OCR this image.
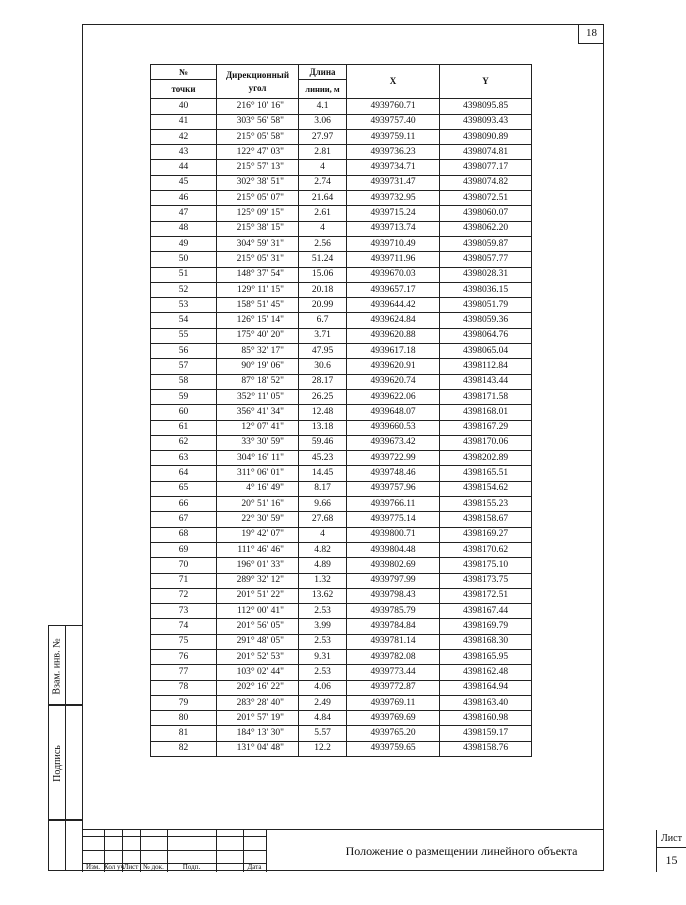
18
Взам. инв. №
Подпись
№	Дирекционный угол	Длина	X	Y
точки		линии, м		
40	216° 10' 16"	4.1	4939760.71	4398095.85
41	303° 56' 58"	3.06	4939757.40	4398093.43
42	215° 05' 58"	27.97	4939759.11	4398090.89
43	122° 47' 03"	2.81	4939736.23	4398074.81
44	215° 57' 13"	4	4939734.71	4398077.17
45	302° 38' 51"	2.74	4939731.47	4398074.82
46	215° 05' 07"	21.64	4939732.95	4398072.51
47	125° 09' 15"	2.61	4939715.24	4398060.07
48	215° 38' 15"	4	4939713.74	4398062.20
49	304° 59' 31"	2.56	4939710.49	4398059.87
50	215° 05' 31"	51.24	4939711.96	4398057.77
51	148° 37' 54"	15.06	4939670.03	4398028.31
52	129° 11' 15"	20.18	4939657.17	4398036.15
53	158° 51' 45"	20.99	4939644.42	4398051.79
54	126° 15' 14"	6.7	4939624.84	4398059.36
55	175° 40' 20"	3.71	4939620.88	4398064.76
56	85° 32' 17"	47.95	4939617.18	4398065.04
57	90° 19' 06"	30.6	4939620.91	4398112.84
58	87° 18' 52"	28.17	4939620.74	4398143.44
59	352° 11' 05"	26.25	4939622.06	4398171.58
60	356° 41' 34"	12.48	4939648.07	4398168.01
61	12° 07' 41"	13.18	4939660.53	4398167.29
62	33° 30' 59"	59.46	4939673.42	4398170.06
63	304° 16' 11"	45.23	4939722.99	4398202.89
64	311° 06' 01"	14.45	4939748.46	4398165.51
65	4° 16' 49"	8.17	4939757.96	4398154.62
66	20° 51' 16"	9.66	4939766.11	4398155.23
67	22° 30' 59"	27.68	4939775.14	4398158.67
68	19° 42' 07"	4	4939800.71	4398169.27
69	111° 46' 46"	4.82	4939804.48	4398170.62
70	196° 01' 33"	4.89	4939802.69	4398175.10
71	289° 32' 12"	1.32	4939797.99	4398173.75
72	201° 51' 22"	13.62	4939798.43	4398172.51
73	112° 00' 41"	2.53	4939785.79	4398167.44
74	201° 56' 05"	3.99	4939784.84	4398169.79
75	291° 48' 05"	2.53	4939781.14	4398168.30
76	201° 52' 53"	9.31	4939782.08	4398165.95
77	103° 02' 44"	2.53	4939773.44	4398162.48
78	202° 16' 22"	4.06	4939772.87	4398164.94
79	283° 28' 40"	2.49	4939769.11	4398163.40
80	201° 57' 19"	4.84	4939769.69	4398160.98
81	184° 13' 30"	5.57	4939765.20	4398159.17
82	131° 04' 48"	12.2	4939759.65	4398158.76
Изм. Кол уч Лист № док.	Подп.	Дата
Положение о размещении линейного объекта
Лист
15
